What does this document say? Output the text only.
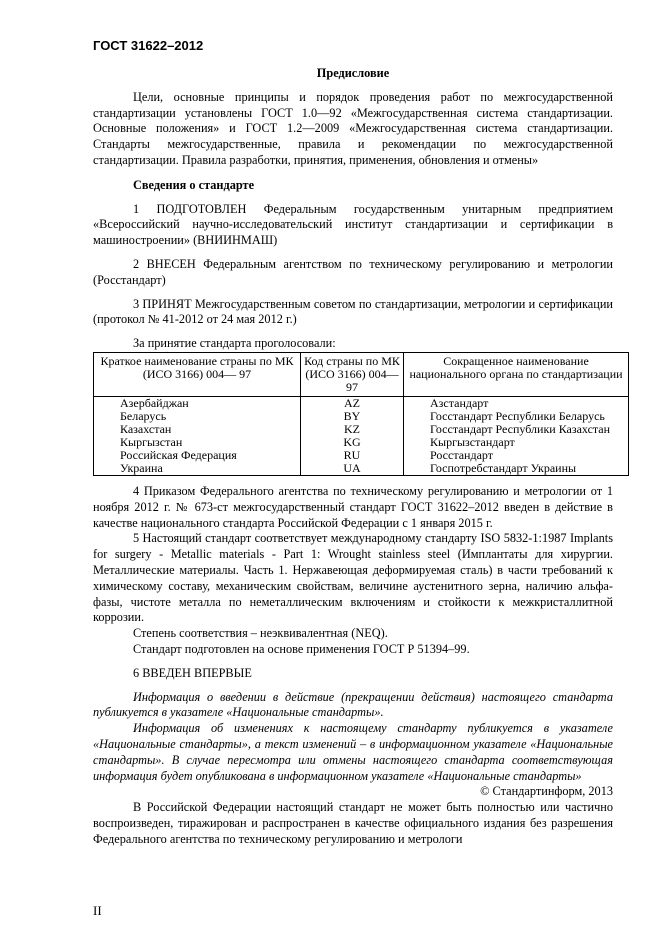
ГОСТ 31622–2012

Предисловие

Цели, основные принципы и порядок проведения работ по межгосударственной стандартизации установлены ГОСТ 1.0—92 «Межгосударственная система стандартизации. Основные положения» и ГОСТ 1.2—2009 «Межгосударственная система стандартизации. Стандарты межгосударственные, правила и рекомендации по межгосударственной стандартизации. Правила разработки, принятия, применения, обновления и отмены»

Сведения о стандарте

1 ПОДГОТОВЛЕН Федеральным государственным унитарным предприятием «Всероссийский научно-исследовательский институт стандартизации и сертификации в машиностроении» (ВНИИНМАШ)

2 ВНЕСЕН Федеральным агентством по техническому регулированию и метрологии (Росстандарт)

3 ПРИНЯТ Межгосударственным советом по стандартизации, метрологии и сертификации (протокол № 41-2012 от 24 мая 2012 г.)

За принятие стандарта проголосовали:

Краткое наименование страны по МК (ИСО 3166) 004— 97	Код страны по МК (ИСО 3166) 004—97	Сокращенное наименование национального органа по стандартизации
Азербайджан	AZ	Азстандарт
Беларусь	BY	Госстандарт Республики Беларусь
Казахстан	KZ	Госстандарт Республики Казахстан
Кыргызстан	KG	Кыргызстандарт
Российская Федерация	RU	Росстандарт
Украина	UA	Госпотребстандарт Украины

4 Приказом Федерального агентства по техническому регулированию и метрологии от 1 ноября 2012 г. № 673-ст межгосударственный стандарт ГОСТ 31622–2012 введен в действие в качестве национального стандарта Российской Федерации с 1 января 2015 г.

5 Настоящий стандарт соответствует международному стандарту ISO 5832-1:1987 Implants for surgery - Metallic materials - Part 1: Wrought stainless steel (Имплантаты для хирургии. Металлические материалы. Часть 1. Нержавеющая деформируемая сталь) в части требований к химическому составу, механическим свойствам, величине аустенитного зерна, наличию альфа-фазы, чистоте металла по неметаллическим включениям и стойкости к межкристаллитной коррозии.

Степень соответствия – неэквивалентная (NEQ).

Стандарт подготовлен на основе применения ГОСТ Р 51394–99.

6 ВВЕДЕН ВПЕРВЫЕ

Информация о введении в действие (прекращении действия) настоящего стандарта публикуется в указателе «Национальные стандарты».

Информация об изменениях к настоящему стандарту публикуется в указателе «Национальные стандарты», а текст изменений – в информационном указателе «Национальные стандарты». В случае пересмотра или отмены настоящего стандарта соответствующая информация будет опубликована в информационном указателе «Национальные стандарты»

© Стандартинформ, 2013

В Российской Федерации настоящий стандарт не может быть полностью или частично воспроизведен, тиражирован и распространен в качестве официального издания без разрешения Федерального агентства по техническому регулированию и метрологи

II
